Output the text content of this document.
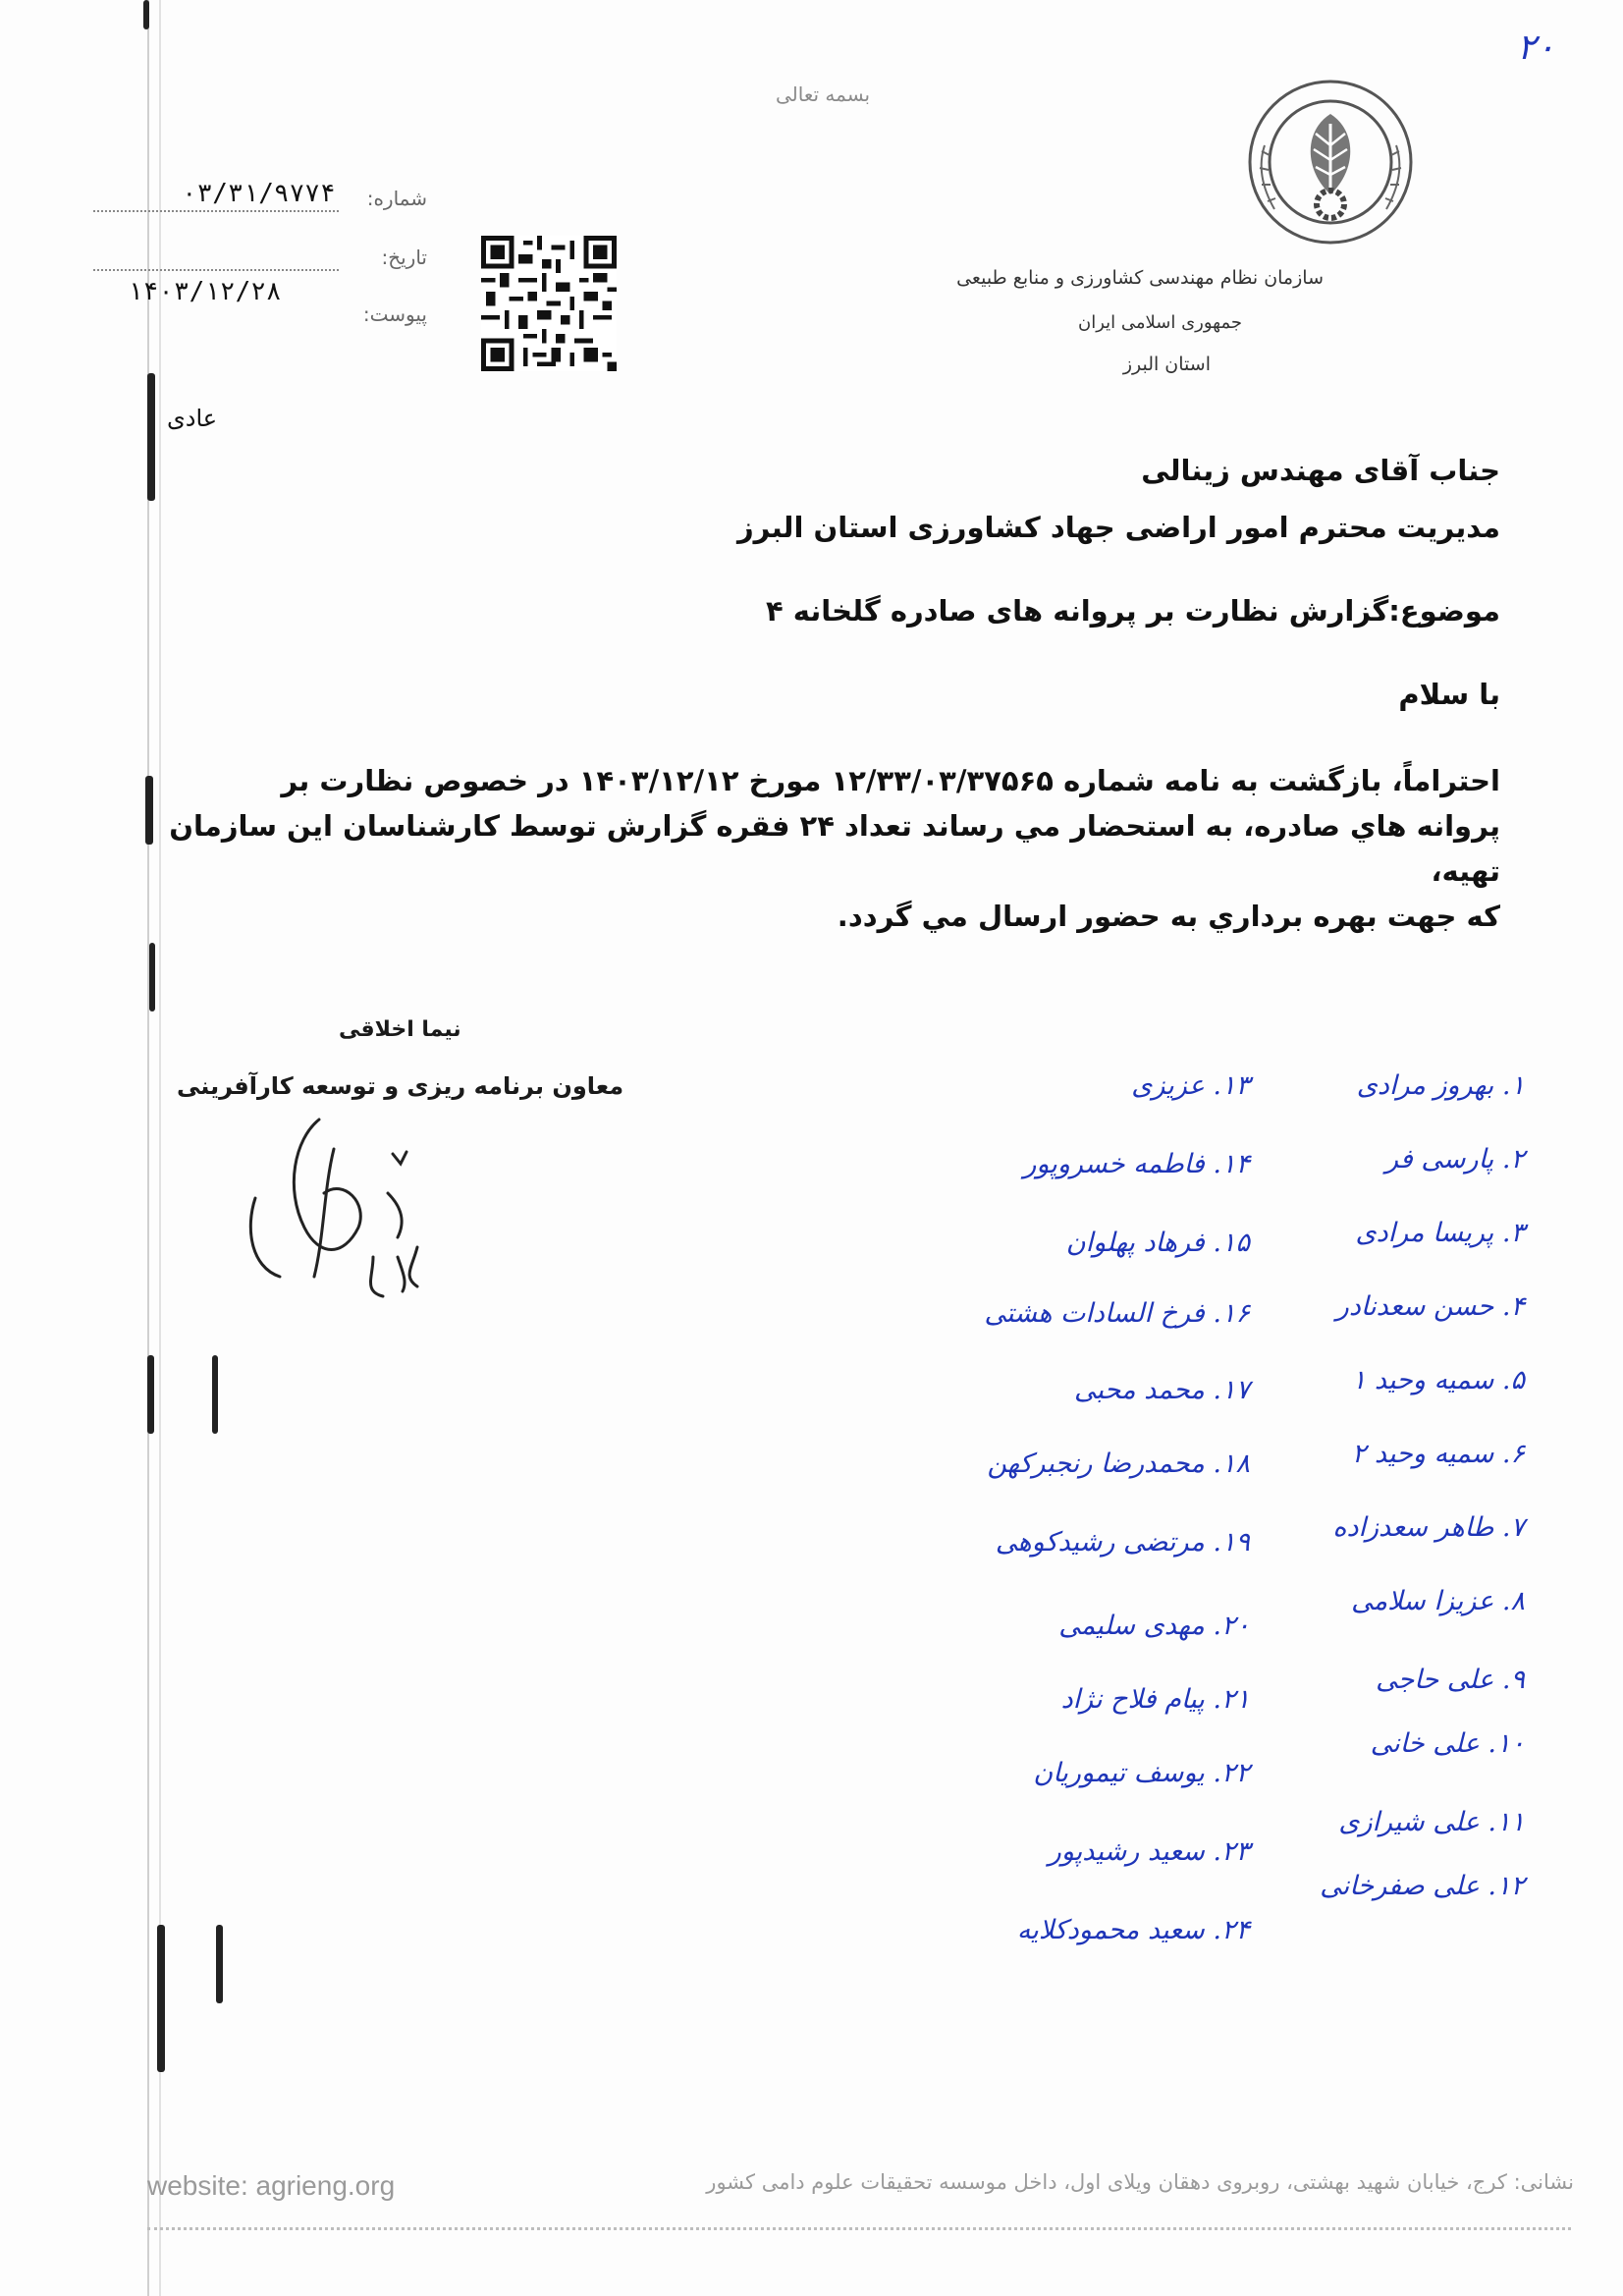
۲۰
بسمه تعالی
سازمان نظام مهندسی کشاورزی و منابع طبیعی
جمهوری اسلامی ایران
استان البرز
شماره:
۰۳/۳۱/۹۷۷۴
تاریخ:
۱۴۰۳/۱۲/۲۸
پیوست:
عادی
جناب آقای مهندس زینالی
مدیریت محترم امور اراضی جهاد کشاورزی استان البرز
موضوع:گزارش نظارت بر پروانه های صادره گلخانه ۴
با سلام
احتراماً، بازگشت به نامه شماره ۱۲/۳۳/۰۳/۳۷۵۶۵ مورخ ۱۴۰۳/۱۲/۱۲ در خصوص نظارت بر
پروانه هاي صادره، به استحضار مي رساند تعداد ۲۴ فقره گزارش توسط کارشناسان این سازمان تهیه،
که جهت بهره برداري به حضور ارسال مي گردد.
نیما اخلاقی
معاون برنامه ریزی و توسعه کارآفرینی	۱. بهروز مرادی
۲. پارسی فر
۳. پریسا مرادی
۴. حسن سعدنادر
۵. سمیه وحید ۱
۶. سمیه وحید ۲
۷. طاهر سعدزاده
۸. عزیزا سلامی
۹. علی حاجی
۱۰. علی خانی
۱۱. علی شیرازی
۱۲. علی صفرخانی
۱۳. عزیزی
۱۴. فاطمه خسروپور
۱۵. فرهاد پهلوان
۱۶. فرخ السادات هشتی
۱۷. محمد محبی
۱۸. محمدرضا رنجبرکهن
۱۹. مرتضی رشیدکوهی
۲۰. مهدی سلیمی
۲۱. پیام فلاح نژاد
۲۲. یوسف تیموریان
۲۳. سعید رشیدپور
۲۴. سعید محمودکلایه
website: agrieng.org	نشانی: کرج، خیابان شهید بهشتی، روبروی دهقان ویلای اول، داخل موسسه تحقیقات علوم دامی کشور
